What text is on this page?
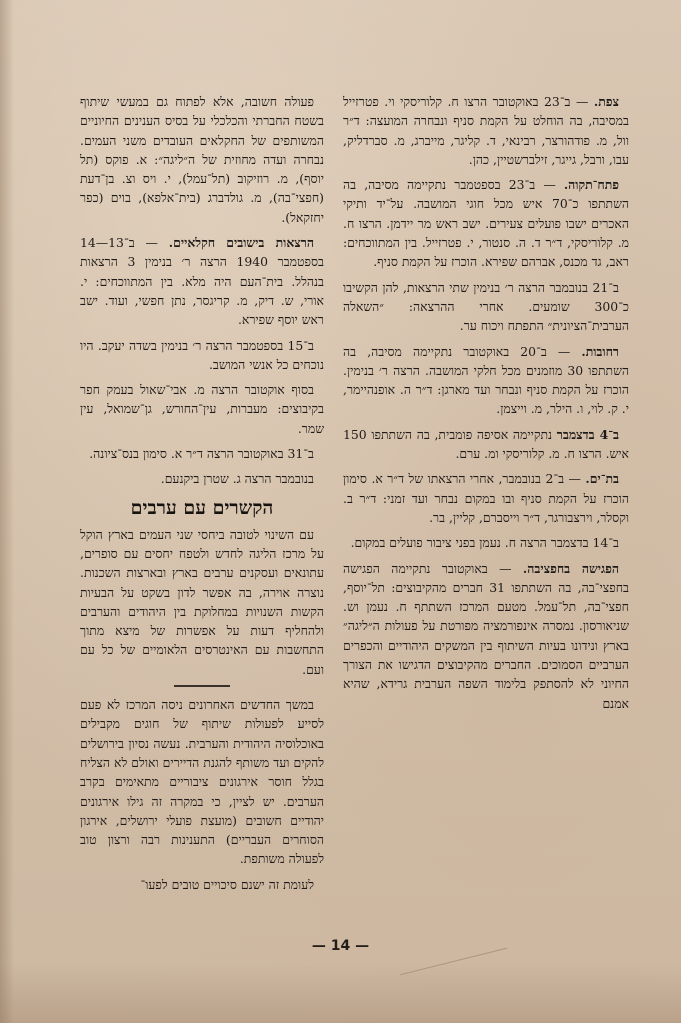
צפת. — ב־23 באוקטובר הרצו ח. קלוריסקי וי. פטרזייל במסיבה, בה הוחלט על הקמת סניף ונבחרה המועצה: ד״ר וול, מ. פודהורצר, רבינאי, ד. קליגר, מייברג, מ. סברדליק, עבו, ורבל, גייגר, זילברשטיין, כהן.

פתח־תקוה. — ב־23 בספטמבר נתקיימה מסיבה, בה השתתפו כ־70 איש מכל חוגי המושבה. על־יד ותיקי האכרים ישבו פועלים צעירים. ישב ראש מר יידמן. הרצו ח. מ. קלוריסקי, ד״ר ד. ה. סנטור, י. פטרזייל. בין המתווכחים: ראב, גד מכנס, אברהם שפירא. הוכרז על הקמת סניף.

ב־21 בנובמבר הרצה ר׳ בנימין שתי הרצאות, להן הקשיבו כ־300 שומעים. אחרי ההרצאה: ״השאלה הערבית־הציונית״ התפתח ויכוח ער.

רחובות. — ב־20 באוקטובר נתקיימה מסיבה, בה השתתפו 30 מוזמנים מכל חלקי המושבה. הרצה ר׳ בנימין. הוכרז על הקמת סניף ונבחר ועד מארגן: ד״ר ה. אופנהיימר, י. ק. לוי, ו. הילר, מ. וייצמן.

ב־4 בדצמבר נתקיימה אסיפה פומבית, בה השתתפו 150 איש. הרצו ח. מ. קלוריסקי ומ. ערם.

בת־ים. — ב־2 בנובמבר, אחרי הרצאתו של ד״ר א. סימון הוכרז על הקמת סניף ובו במקום נבחר ועד זמני: ד״ר ב. וקסלר, וירצבורגר, ד״ר וייסברם, קליין, בר.

ב־14 בדצמבר הרצה ח. נעמן בפני ציבור פועלים במקום.

הפגישה בחפציבה. — באוקטובר נתקיימה הפגישה בחפצי־בה, בה השתתפו 31 חברים מהקיבוצים: תל־יוסף, חפצי־בה, תל־עמל. מטעם המרכז השתתף ח. נעמן וש. שניאורסון. נמסרה אינפורמציה מפורטת על פעולות ה״ליגה״ בארץ ונידונו בעיות השיתוף בין המשקים היהודיים והכפרים הערביים הסמוכים. החברים מהקיבוצים הדגישו את הצורך החיוני לא להסתפק בלימוד השפה הערבית גרידא, שהיא אמנם

פעולה חשובה, אלא לפתוח גם במעשי שיתוף בשטח החברתי והכלכלי על בסיס הענינים החיוניים המשותפים של החקלאים העובדים משני העמים. נבחרה ועדה מחוזית של ה״ליגה״: א. פוקס (תל יוסף), מ. רוזיקוב (תל־עמל), י. ויס וצ. בן־דעת (חפצי־בה), מ. גולדברג (בית־אלפא), בוים (כפר יחזקאל).

הרצאות בישובים חקלאיים. — ב־13—14 בספטמבר 1940 הרצה ר׳ בנימין 3 הרצאות בנהלל. בית־העם היה מלא. בין המתווכחים: י. אורי, ש. דיק, מ. קריגסר, נתן חפשי, ועוד. ישב ראש יוסף שפירא.

ב־15 בספטמבר הרצה ר׳ בנימין בשדה יעקב. היו נוכחים כל אנשי המושב.

בסוף אוקטובר הרצה מ. אבי־שאול בעמק חפר בקיבוצים: מעברות, עין־החורש, גן־שמואל, עין שמר.

ב־31 באוקטובר הרצה ד״ר א. סימון בנס־ציונה.

בנובמבר הרצה ג. שטרן ביקנעם.

הקשרים עם ערבים

עם השינוי לטובה ביחסי שני העמים בארץ הוקל על מרכז הליגה לחדש ולטפח יחסים עם סופרים, עתונאים ועסקנים ערבים בארץ ובארצות השכנות. נוצרה אוירה, בה אפשר לדון בשקט על הבעיות הקשות השנויות במחלוקת בין היהודים והערבים ולהחליף דעות על אפשרות של מיצא מתוך התחשבות עם האינטרסים הלאומיים של כל עם ועם.

במשך החדשים האחרונים ניסה המרכז לא פעם לסייע לפעולות שיתוף של חוגים מקבילים באוכלוסיה היהודית והערבית. נעשה נסיון בירושלים להקים ועד משותף להגנת הדיירים ואולם לא הצליח בגלל חוסר אירגונים ציבוריים מתאימים בקרב הערבים. יש לציין, כי במקרה זה גילו אירגונים יהודיים חשובים (מועצת פועלי ירושלים, אירגון הסוחרים העבריים) התענינות רבה ורצון טוב לפעולה משותפת.

לעומת זה ישנם סיכויים טובים לפעו־

— 14 —
